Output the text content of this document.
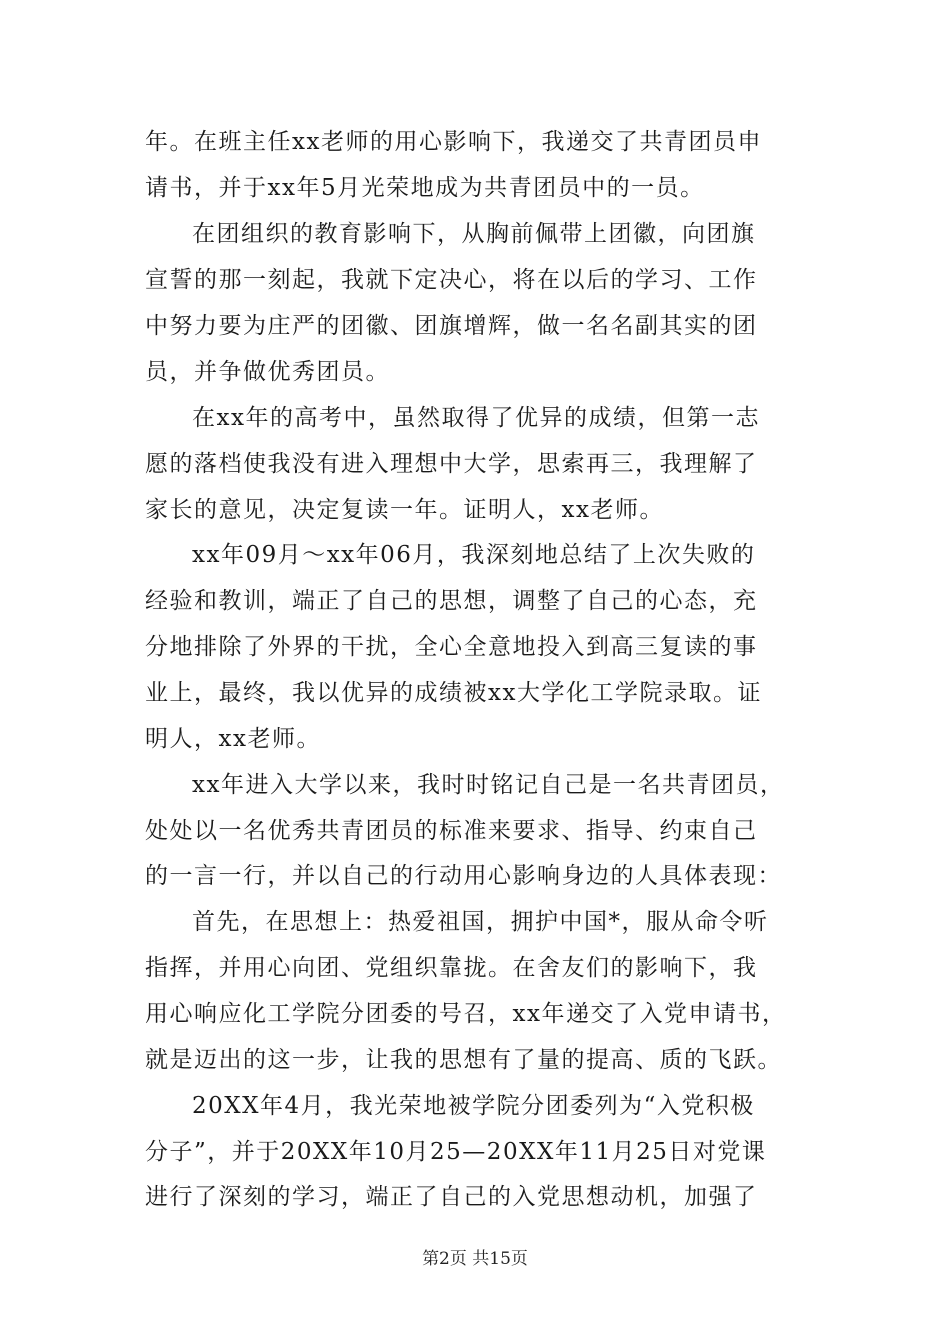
年。在班主任xx老师的用心影响下，我递交了共青团员申
请书，并于xx年5月光荣地成为共青团员中的一员。
在团组织的教育影响下，从胸前佩带上团徽，向团旗
宣誓的那一刻起，我就下定决心，将在以后的学习、工作
中努力要为庄严的团徽、团旗增辉，做一名名副其实的团
员，并争做优秀团员。
在xx年的高考中，虽然取得了优异的成绩，但第一志
愿的落档使我没有进入理想中大学，思索再三，我理解了
家长的意见，决定复读一年。证明人，xx老师。
xx年09月～xx年06月，我深刻地总结了上次失败的
经验和教训，端正了自己的思想，调整了自己的心态，充
分地排除了外界的干扰，全心全意地投入到高三复读的事
业上，最终，我以优异的成绩被xx大学化工学院录取。证
明人，xx老师。
xx年进入大学以来，我时时铭记自己是一名共青团员，
处处以一名优秀共青团员的标准来要求、指导、约束自己
的一言一行，并以自己的行动用心影响身边的人具体表现：
首先，在思想上：热爱祖国，拥护中国*，服从命令听
指挥，并用心向团、党组织靠拢。在舍友们的影响下，我
用心响应化工学院分团委的号召，xx年递交了入党申请书，
就是迈出的这一步，让我的思想有了量的提高、质的飞跃。
20XX年4月，我光荣地被学院分团委列为“入党积极
分子”，并于20XX年10月25—20XX年11月25日对党课
进行了深刻的学习，端正了自己的入党思想动机，加强了
第2页 共15页
